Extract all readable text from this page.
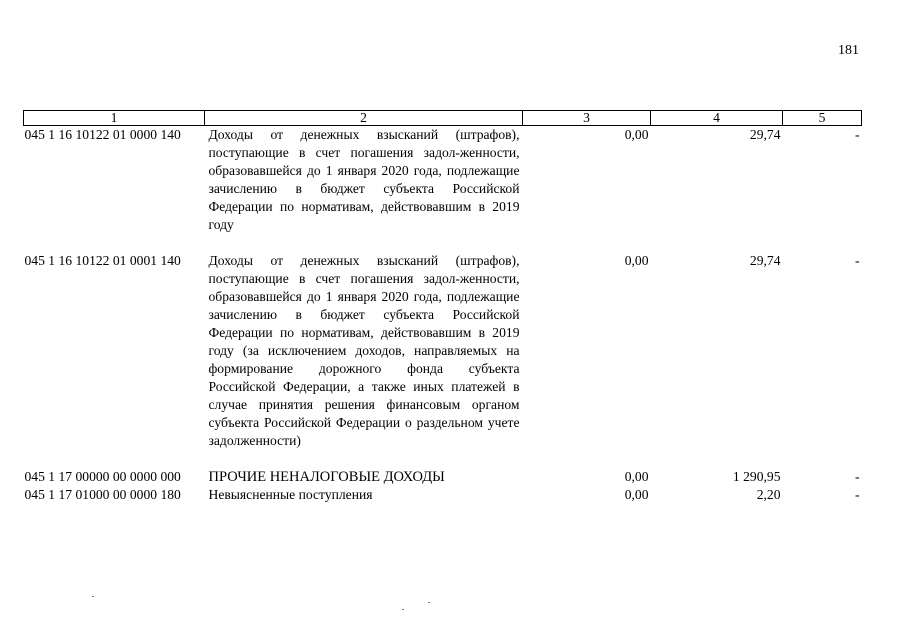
181
1	2	3	4	5
045 1 16 10122 01 0000 140	Доходы от денежных взысканий (штрафов), поступающие в счет погашения задол-женности, образовавшейся до 1 января 2020 года, подлежащие зачислению в бюджет субъекта Российской Федерации по нормативам, действовавшим в 2019 году	0,00	29,74	-

045 1 16 10122 01 0001 140	Доходы от денежных взысканий (штрафов), поступающие в счет погашения задол-женности, образовавшейся до 1 января 2020 года, подлежащие зачислению в бюджет субъекта Российской Федерации по нормативам, действовавшим в 2019 году (за исключением доходов, направляемых на формирование дорожного фонда субъекта Российской Федерации, а также иных платежей в случае принятия решения финансовым органом субъекта Российской Федерации о раздельном учете задолженности)	0,00	29,74	-

045 1 17 00000 00 0000 000	ПРОЧИЕ НЕНАЛОГОВЫЕ ДОХОДЫ	0,00	1 290,95	-
045 1 17 01000 00 0000 180	Невыясненные поступления	0,00	2,20	-
